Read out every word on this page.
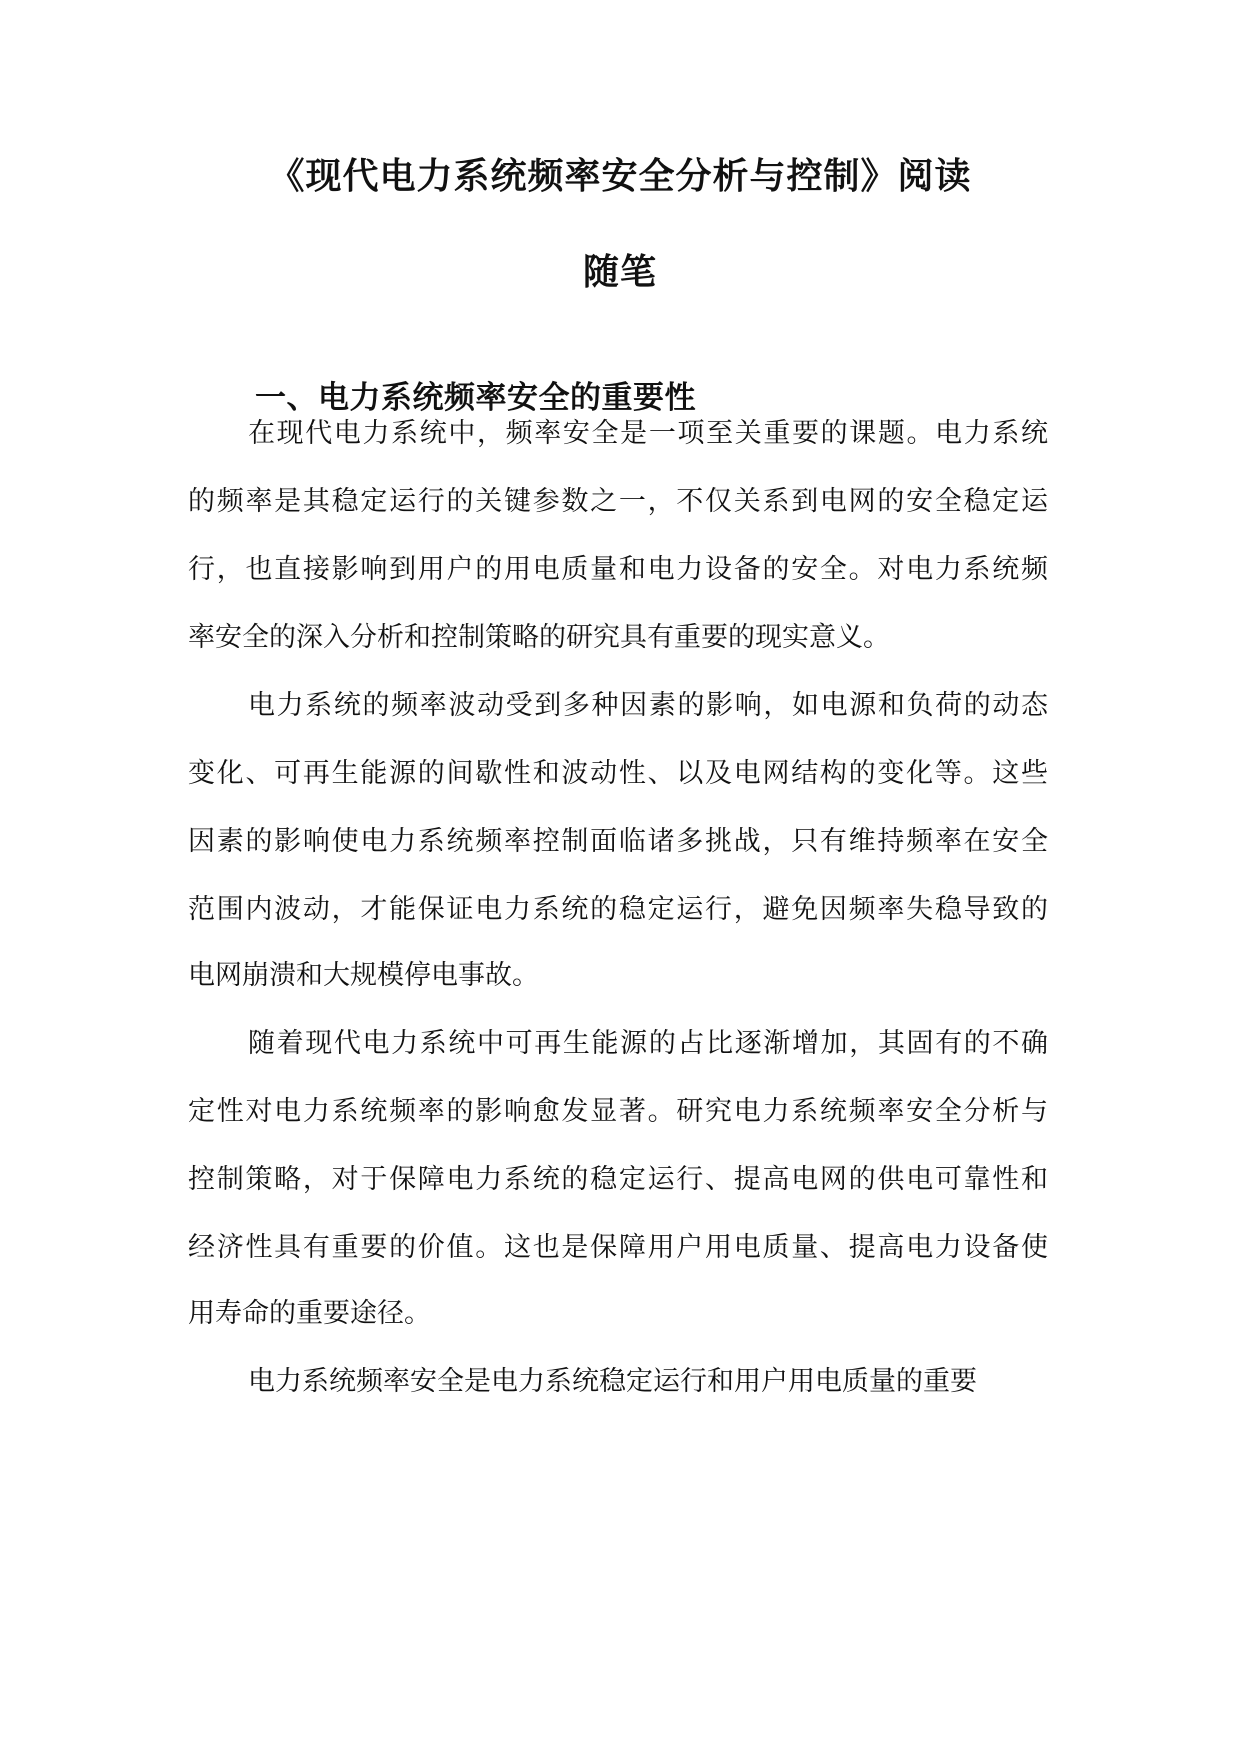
《现代电力系统频率安全分析与控制》阅读
随笔
一、电力系统频率安全的重要性
在现代电力系统中，频率安全是一项至关重要的课题。电力系统
的频率是其稳定运行的关键参数之一，不仅关系到电网的安全稳定运
行，也直接影响到用户的用电质量和电力设备的安全。对电力系统频
率安全的深入分析和控制策略的研究具有重要的现实意义。
电力系统的频率波动受到多种因素的影响，如电源和负荷的动态
变化、可再生能源的间歇性和波动性、以及电网结构的变化等。这些
因素的影响使电力系统频率控制面临诸多挑战，只有维持频率在安全
范围内波动，才能保证电力系统的稳定运行，避免因频率失稳导致的
电网崩溃和大规模停电事故。
随着现代电力系统中可再生能源的占比逐渐增加，其固有的不确
定性对电力系统频率的影响愈发显著。研究电力系统频率安全分析与
控制策略，对于保障电力系统的稳定运行、提高电网的供电可靠性和
经济性具有重要的价值。这也是保障用户用电质量、提高电力设备使
用寿命的重要途径。
电力系统频率安全是电力系统稳定运行和用户用电质量的重要
